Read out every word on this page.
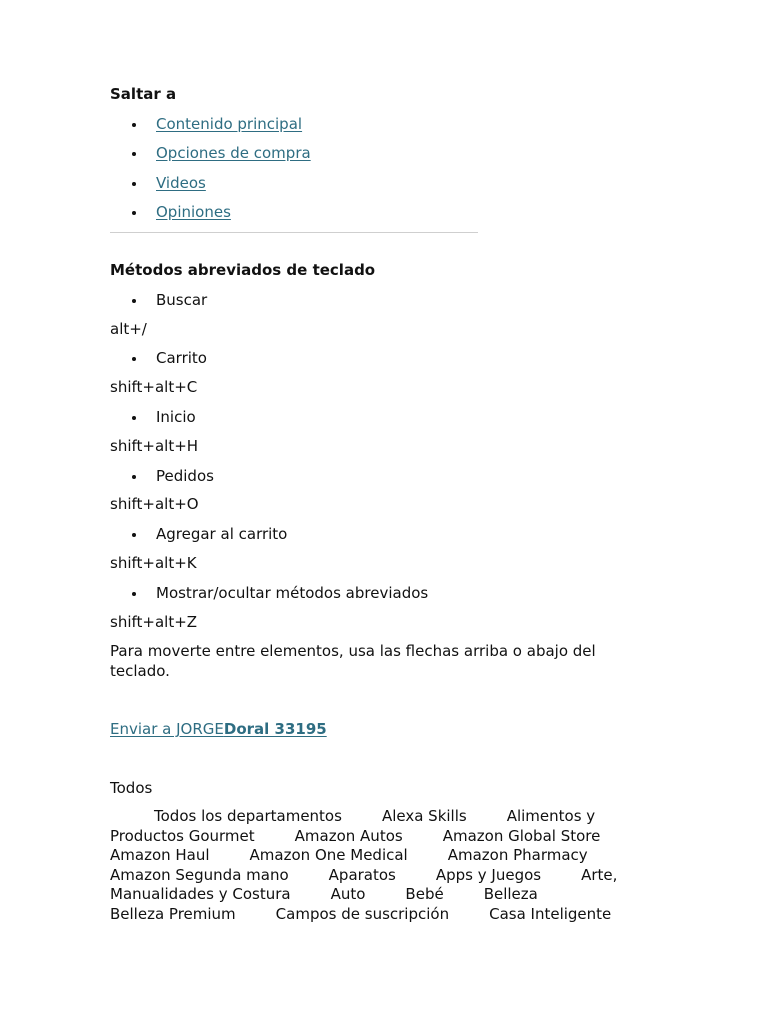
Saltar a
Contenido principal
Opciones de compra
Videos
Opiniones
Métodos abreviados de teclado
Buscar
alt+/
Carrito
shift+alt+C
Inicio
shift+alt+H
Pedidos
shift+alt+O
Agregar al carrito
shift+alt+K
Mostrar/ocultar métodos abreviados
shift+alt+Z
Para moverte entre elementos, usa las flechas arriba o abajo del teclado.
Enviar a JORGEDoral 33195
Todos
Todos los departamentos	Alexa Skills	Alimentos y Productos Gourmet	Amazon Autos	Amazon Global Store Amazon Haul	Amazon One Medical	Amazon Pharmacy Amazon Segunda mano	Aparatos	Apps y Juegos	Arte, Manualidades y Costura	Auto	Bebé	Belleza Belleza Premium	Campos de suscripción	Casa Inteligente
